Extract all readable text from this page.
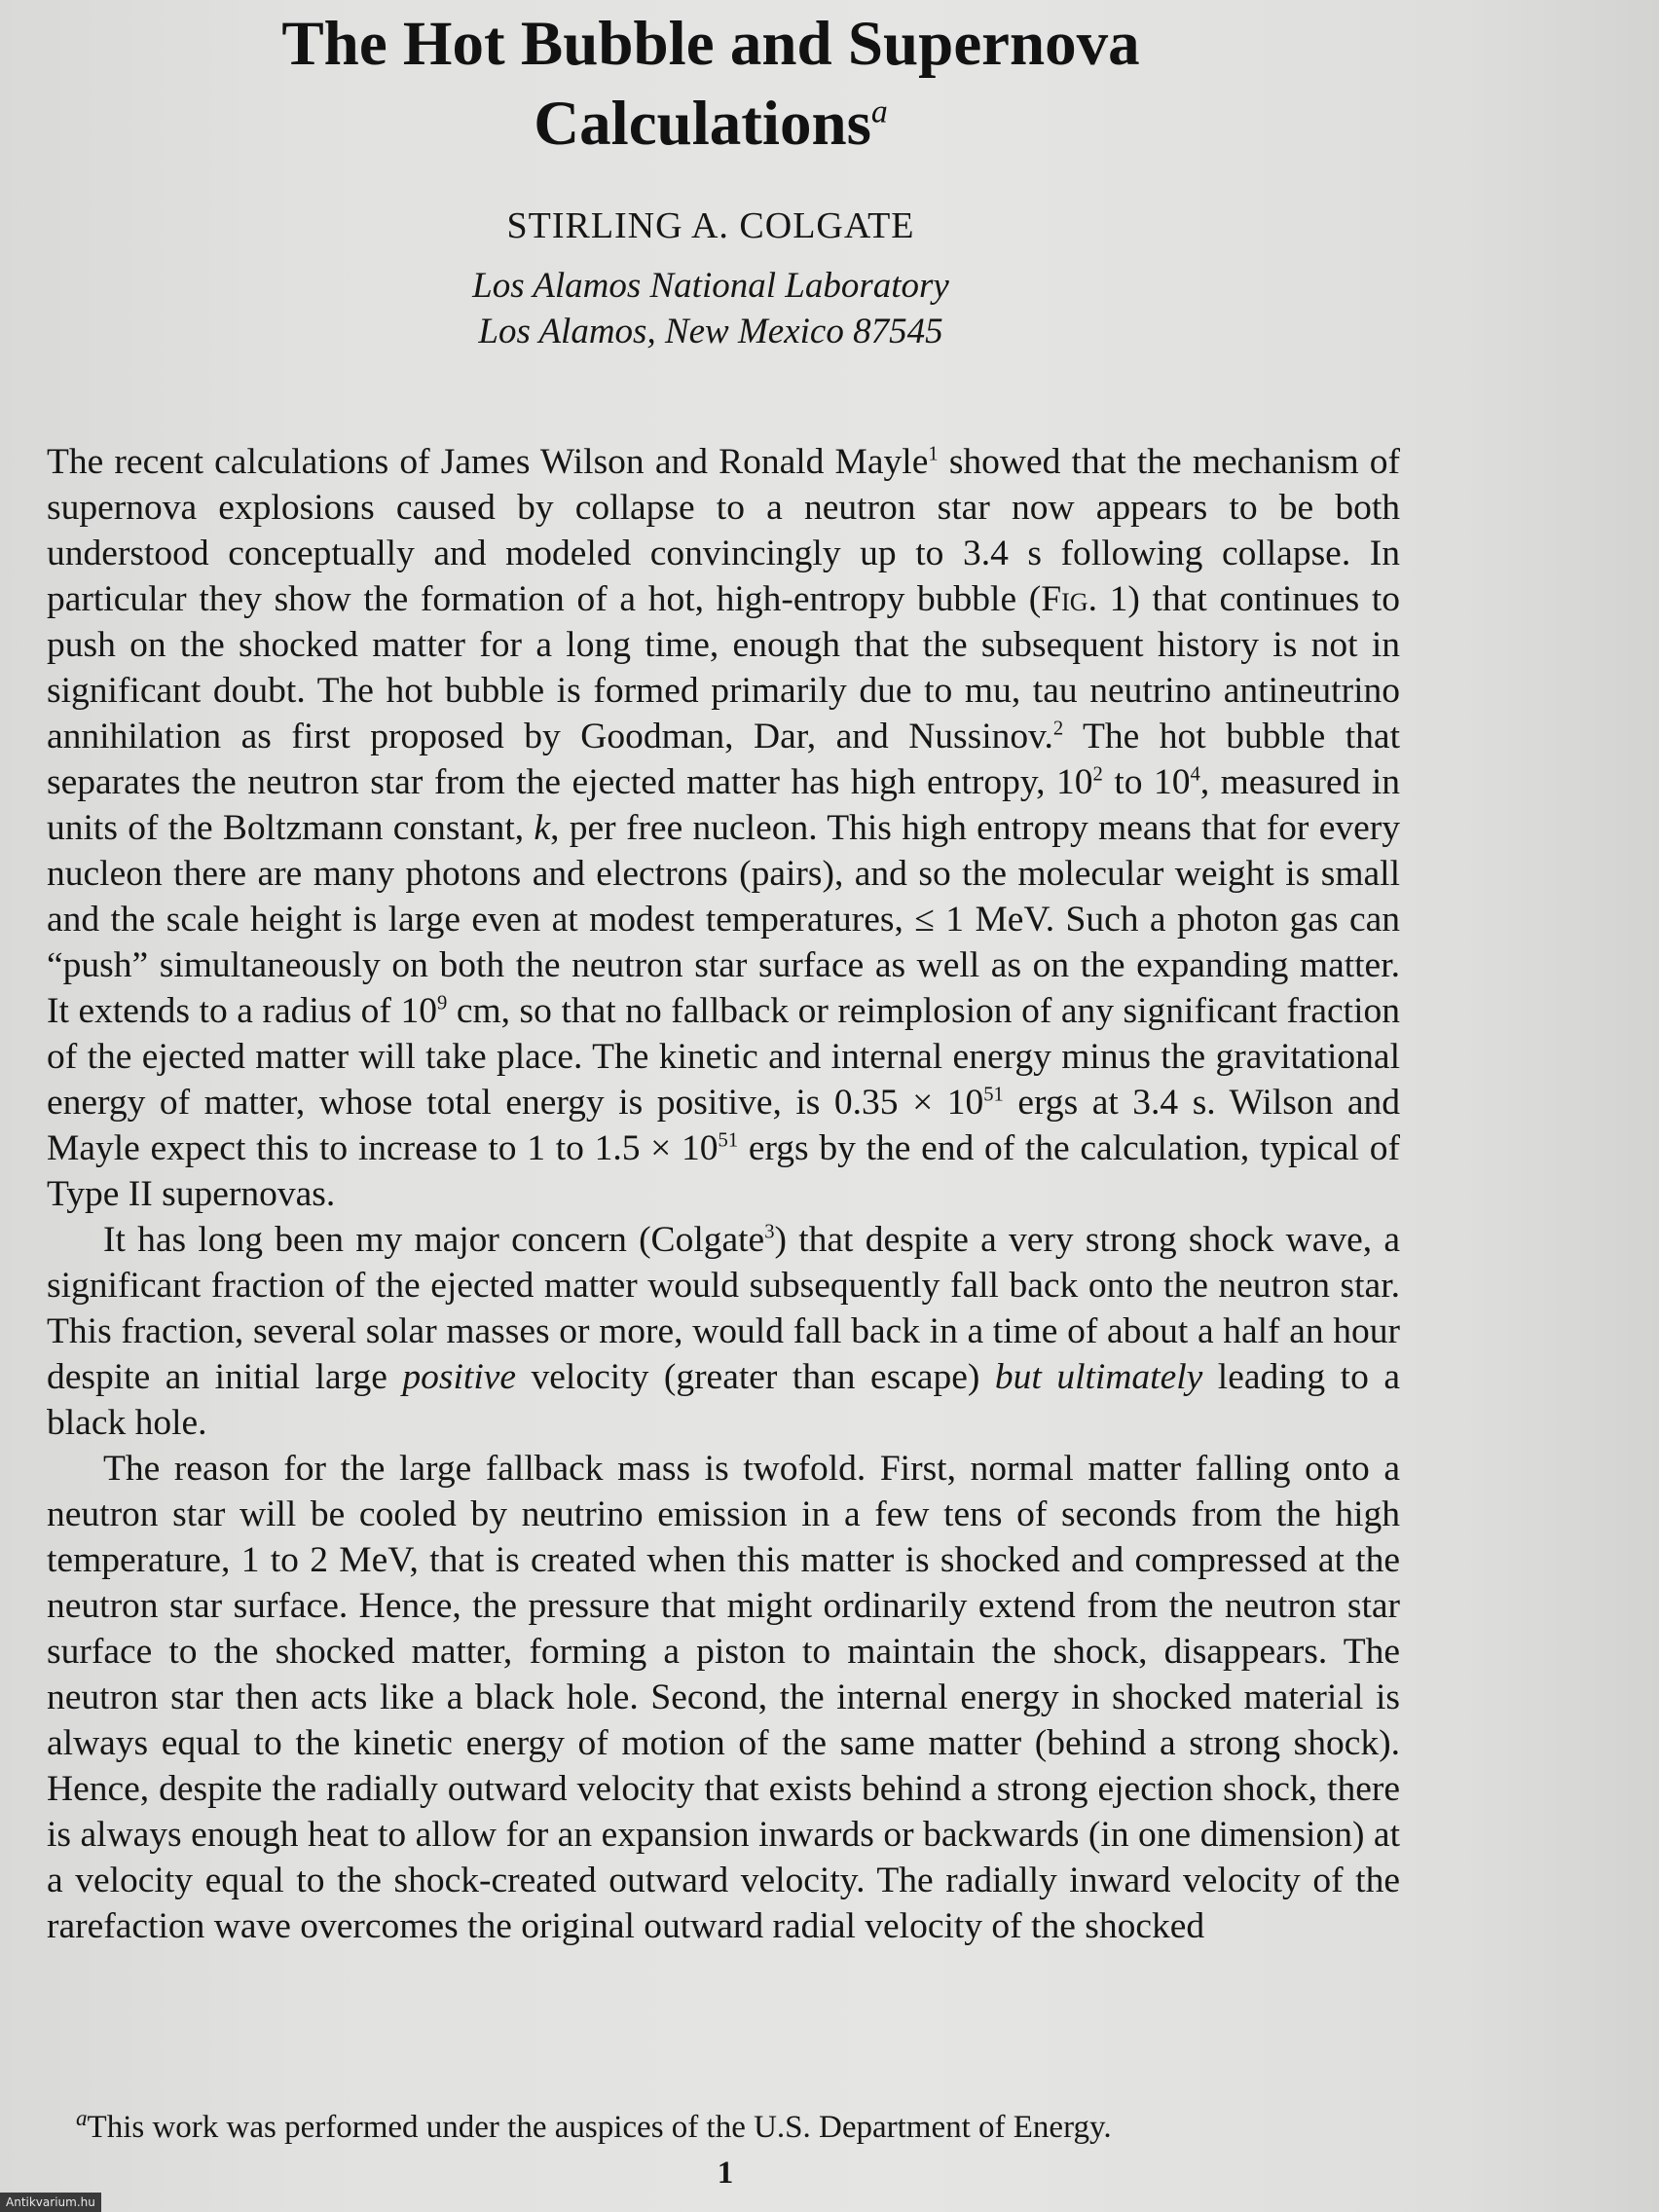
The Hot Bubble and Supernova
Calculations$^a$
STIRLING A. COLGATE
Los Alamos National Laboratory
Los Alamos, New Mexico 87545

The recent calculations of James Wilson and Ronald Mayle$^1$ showed that the mechanism of supernova explosions caused by collapse to a neutron star now appears to be both understood conceptually and modeled convincingly up to 3.4 s following collapse. In particular they show the formation of a hot, high-entropy bubble (Fig. 1) that continues to push on the shocked matter for a long time, enough that the subsequent history is not in significant doubt. The hot bubble is formed primarily due to mu, tau neutrino antineutrino annihilation as first proposed by Goodman, Dar, and Nussinov.$^2$ The hot bubble that separates the neutron star from the ejected matter has high entropy, $10^2$ to $10^4$, measured in units of the Boltzmann constant, k, per free nucleon. This high entropy means that for every nucleon there are many photons and electrons (pairs), and so the molecular weight is small and the scale height is large even at modest temperatures, ≤ 1 MeV. Such a photon gas can “push” simultaneously on both the neutron star surface as well as on the expanding matter. It extends to a radius of $10^9$ cm, so that no fallback or reimplosion of any significant fraction of the ejected matter will take place. The kinetic and internal energy minus the gravitational energy of matter, whose total energy is positive, is $0.35 \times 10^{51}$ ergs at 3.4 s. Wilson and Mayle expect this to increase to 1 to $1.5 \times 10^{51}$ ergs by the end of the calculation, typical of Type II supernovas.

It has long been my major concern (Colgate$^3$) that despite a very strong shock wave, a significant fraction of the ejected matter would subsequently fall back onto the neutron star. This fraction, several solar masses or more, would fall back in a time of about a half an hour despite an initial large positive velocity (greater than escape) but ultimately leading to a black hole.

The reason for the large fallback mass is twofold. First, normal matter falling onto a neutron star will be cooled by neutrino emission in a few tens of seconds from the high temperature, 1 to 2 MeV, that is created when this matter is shocked and compressed at the neutron star surface. Hence, the pressure that might ordinarily extend from the neutron star surface to the shocked matter, forming a piston to maintain the shock, disappears. The neutron star then acts like a black hole. Second, the internal energy in shocked material is always equal to the kinetic energy of motion of the same matter (behind a strong shock). Hence, despite the radially outward velocity that exists behind a strong ejection shock, there is always enough heat to allow for an expansion inwards or backwards (in one dimension) at a velocity equal to the shock-created outward velocity. The radially inward velocity of the rarefaction wave overcomes the original outward radial velocity of the shocked

$^a$This work was performed under the auspices of the U.S. Department of Energy.
1
Antikvarium.hu
